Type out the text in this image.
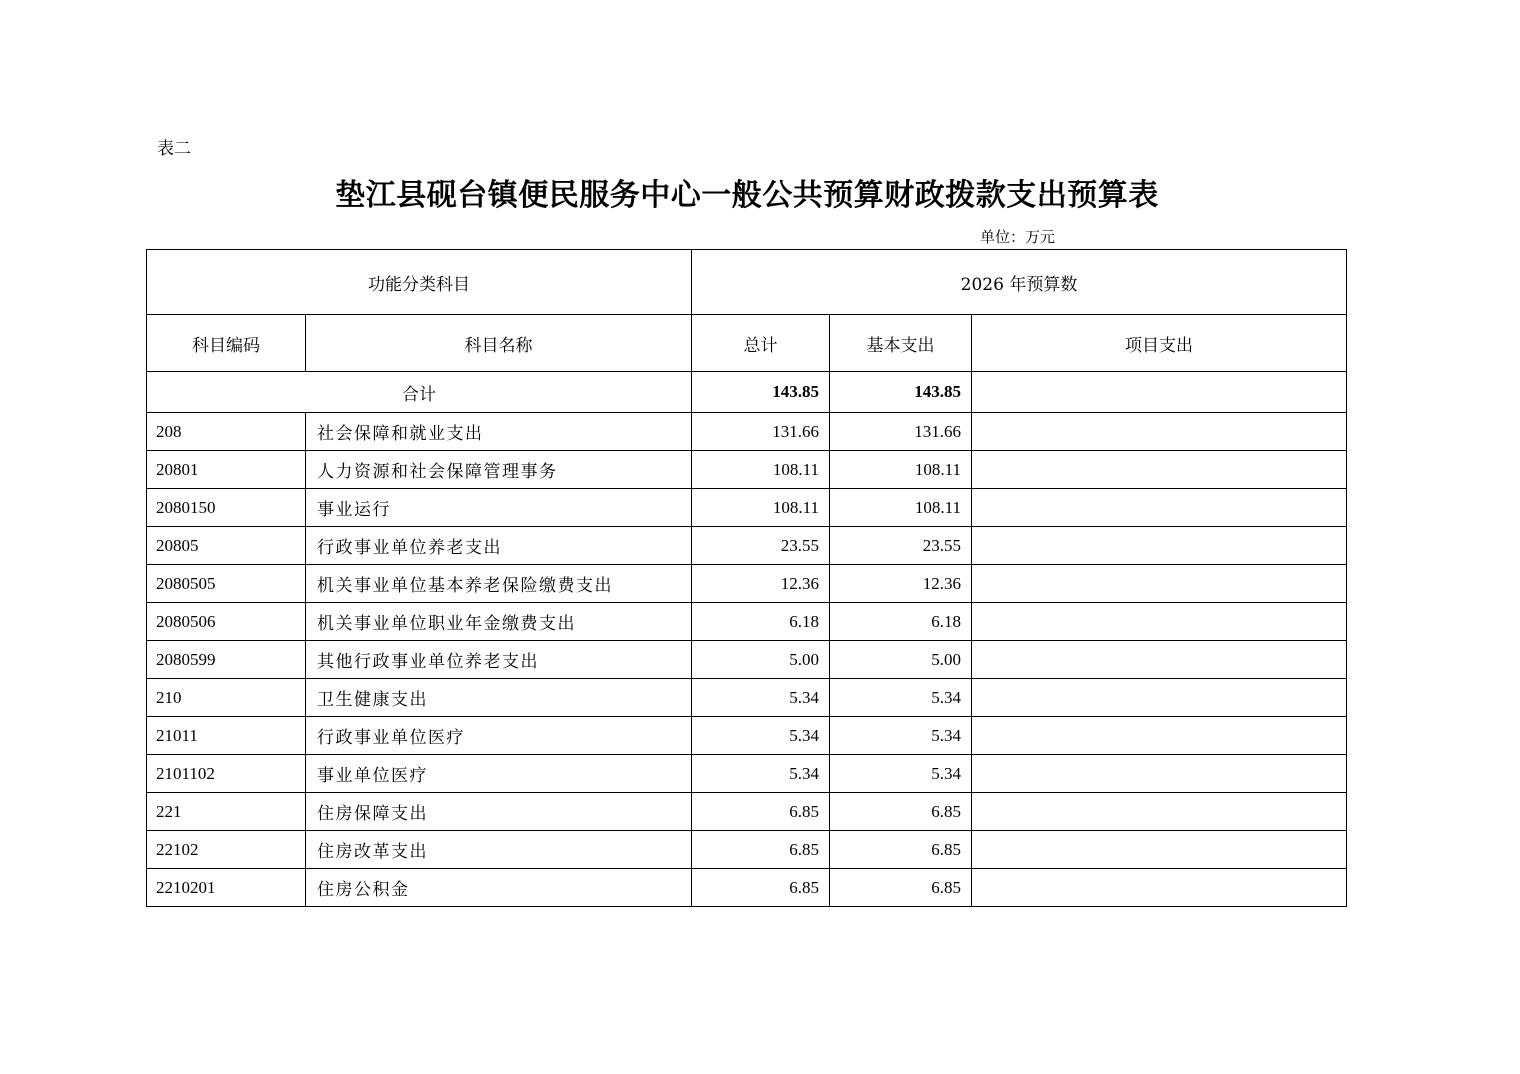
表二
垫江县砚台镇便民服务中心一般公共预算财政拨款支出预算表
单位：万元
功能分类科目		2026 年预算数		
科目编码	科目名称	总计	基本支出	项目支出
合计		143.85	143.85	
208	社会保障和就业支出	131.66	131.66	
20801	人力资源和社会保障管理事务	108.11	108.11	
2080150	事业运行	108.11	108.11	
20805	行政事业单位养老支出	23.55	23.55	
2080505	机关事业单位基本养老保险缴费支出	12.36	12.36	
2080506	机关事业单位职业年金缴费支出	6.18	6.18	
2080599	其他行政事业单位养老支出	5.00	5.00	
210	卫生健康支出	5.34	5.34	
21011	行政事业单位医疗	5.34	5.34	
2101102	事业单位医疗	5.34	5.34	
221	住房保障支出	6.85	6.85	
22102	住房改革支出	6.85	6.85	
2210201	住房公积金	6.85	6.85	
